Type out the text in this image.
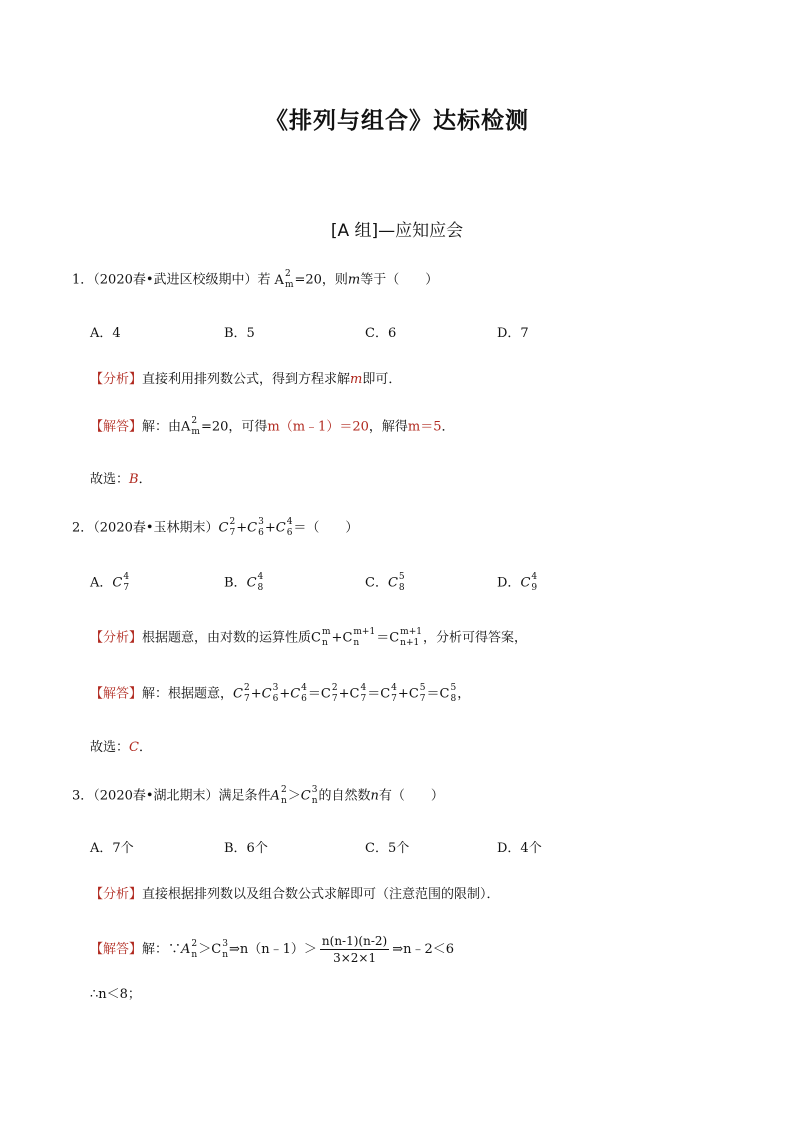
《排列与组合》达标检测
[A 组]—应知应会
1．（2020春•武进区校级期中）若 A 2
m =20，则m等于（　　）
A．4	B．5	C．6	D．7
【分析】直接利用排列数公式，得到方程求解m即可．
【解答】解：由A 2
m =20，可得m（m﹣1）＝20，解得m＝5．
故选：B．
2．（2020春•玉林期末）C 2
7 +C 3
6 +C 4
6 ＝（　　）
A．C 4
7	B．C 4
8	C．C 5
8	D．C 4
9
【分析】根据题意，由对数的运算性质C m
n +C m+1
n	＝C m+1
n+1 ，分析可得答案，
【解答】解：根据题意，C 2
7 +C 3
6 +C 4
6 ＝C 2
7 +C 4
7 ＝C 4
7 +C 5
7 ＝C 5
8 ，
故选：C．
3．（2020春•湖北期末）满足条件A 2
n ＞C 3
n 的自然数n有（　　）
A．7个	B．6个	C．5个	D．4个
【分析】直接根据排列数以及组合数公式求解即可（注意范围的限制）．
【解答】解：∵A 2
n ＞C 3
n ⇒n（n﹣1）＞ $\frac{n(n-1)(n-2)}{3\times 2\times 1}$ ⇒n﹣2＜6
∴n＜8；
